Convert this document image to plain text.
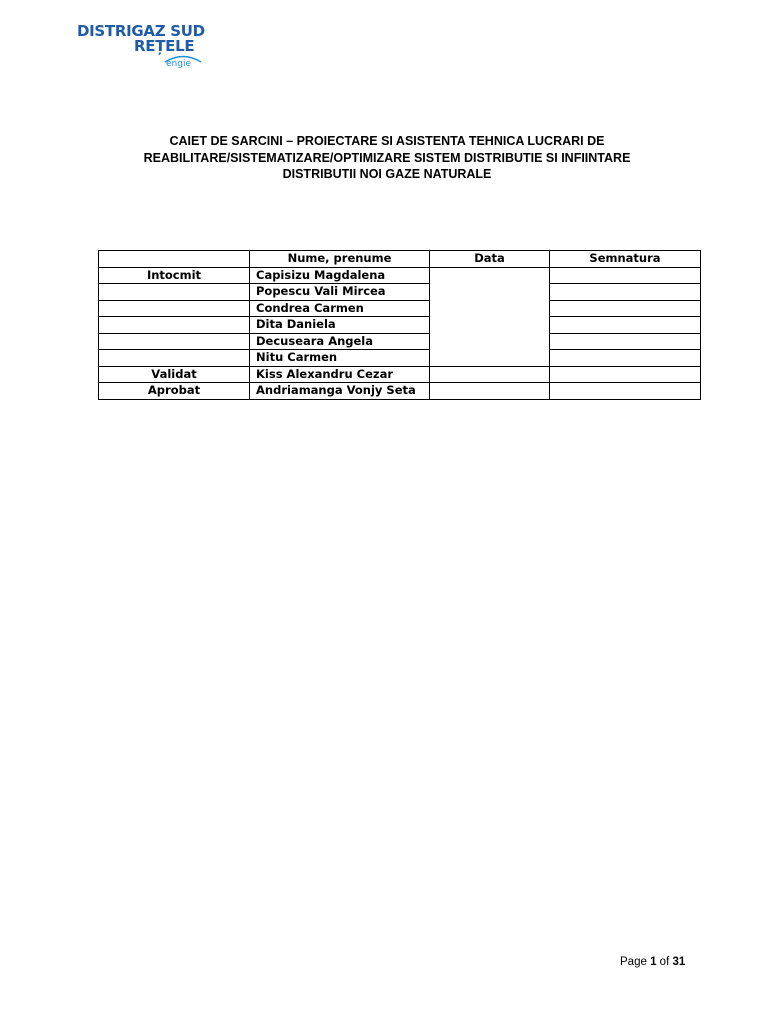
DISTRIGAZ SUD
REȚELE
engie
CAIET DE SARCINI – PROIECTARE SI ASISTENTA TEHNICA LUCRARI DE
REABILITARE/SISTEMATIZARE/OPTIMIZARE SISTEM DISTRIBUTIE SI INFIINTARE
DISTRIBUTII NOI GAZE NATURALE
	Nume, prenume	Data	Semnatura
Intocmit	Capisizu Magdalena		
	Popescu Vali Mircea		
	Condrea Carmen		
	Dita Daniela		
	Decuseara Angela		
	Nitu Carmen		
Validat	Kiss Alexandru Cezar		
Aprobat	Andriamanga Vonjy Seta		
Page 1 of 31
